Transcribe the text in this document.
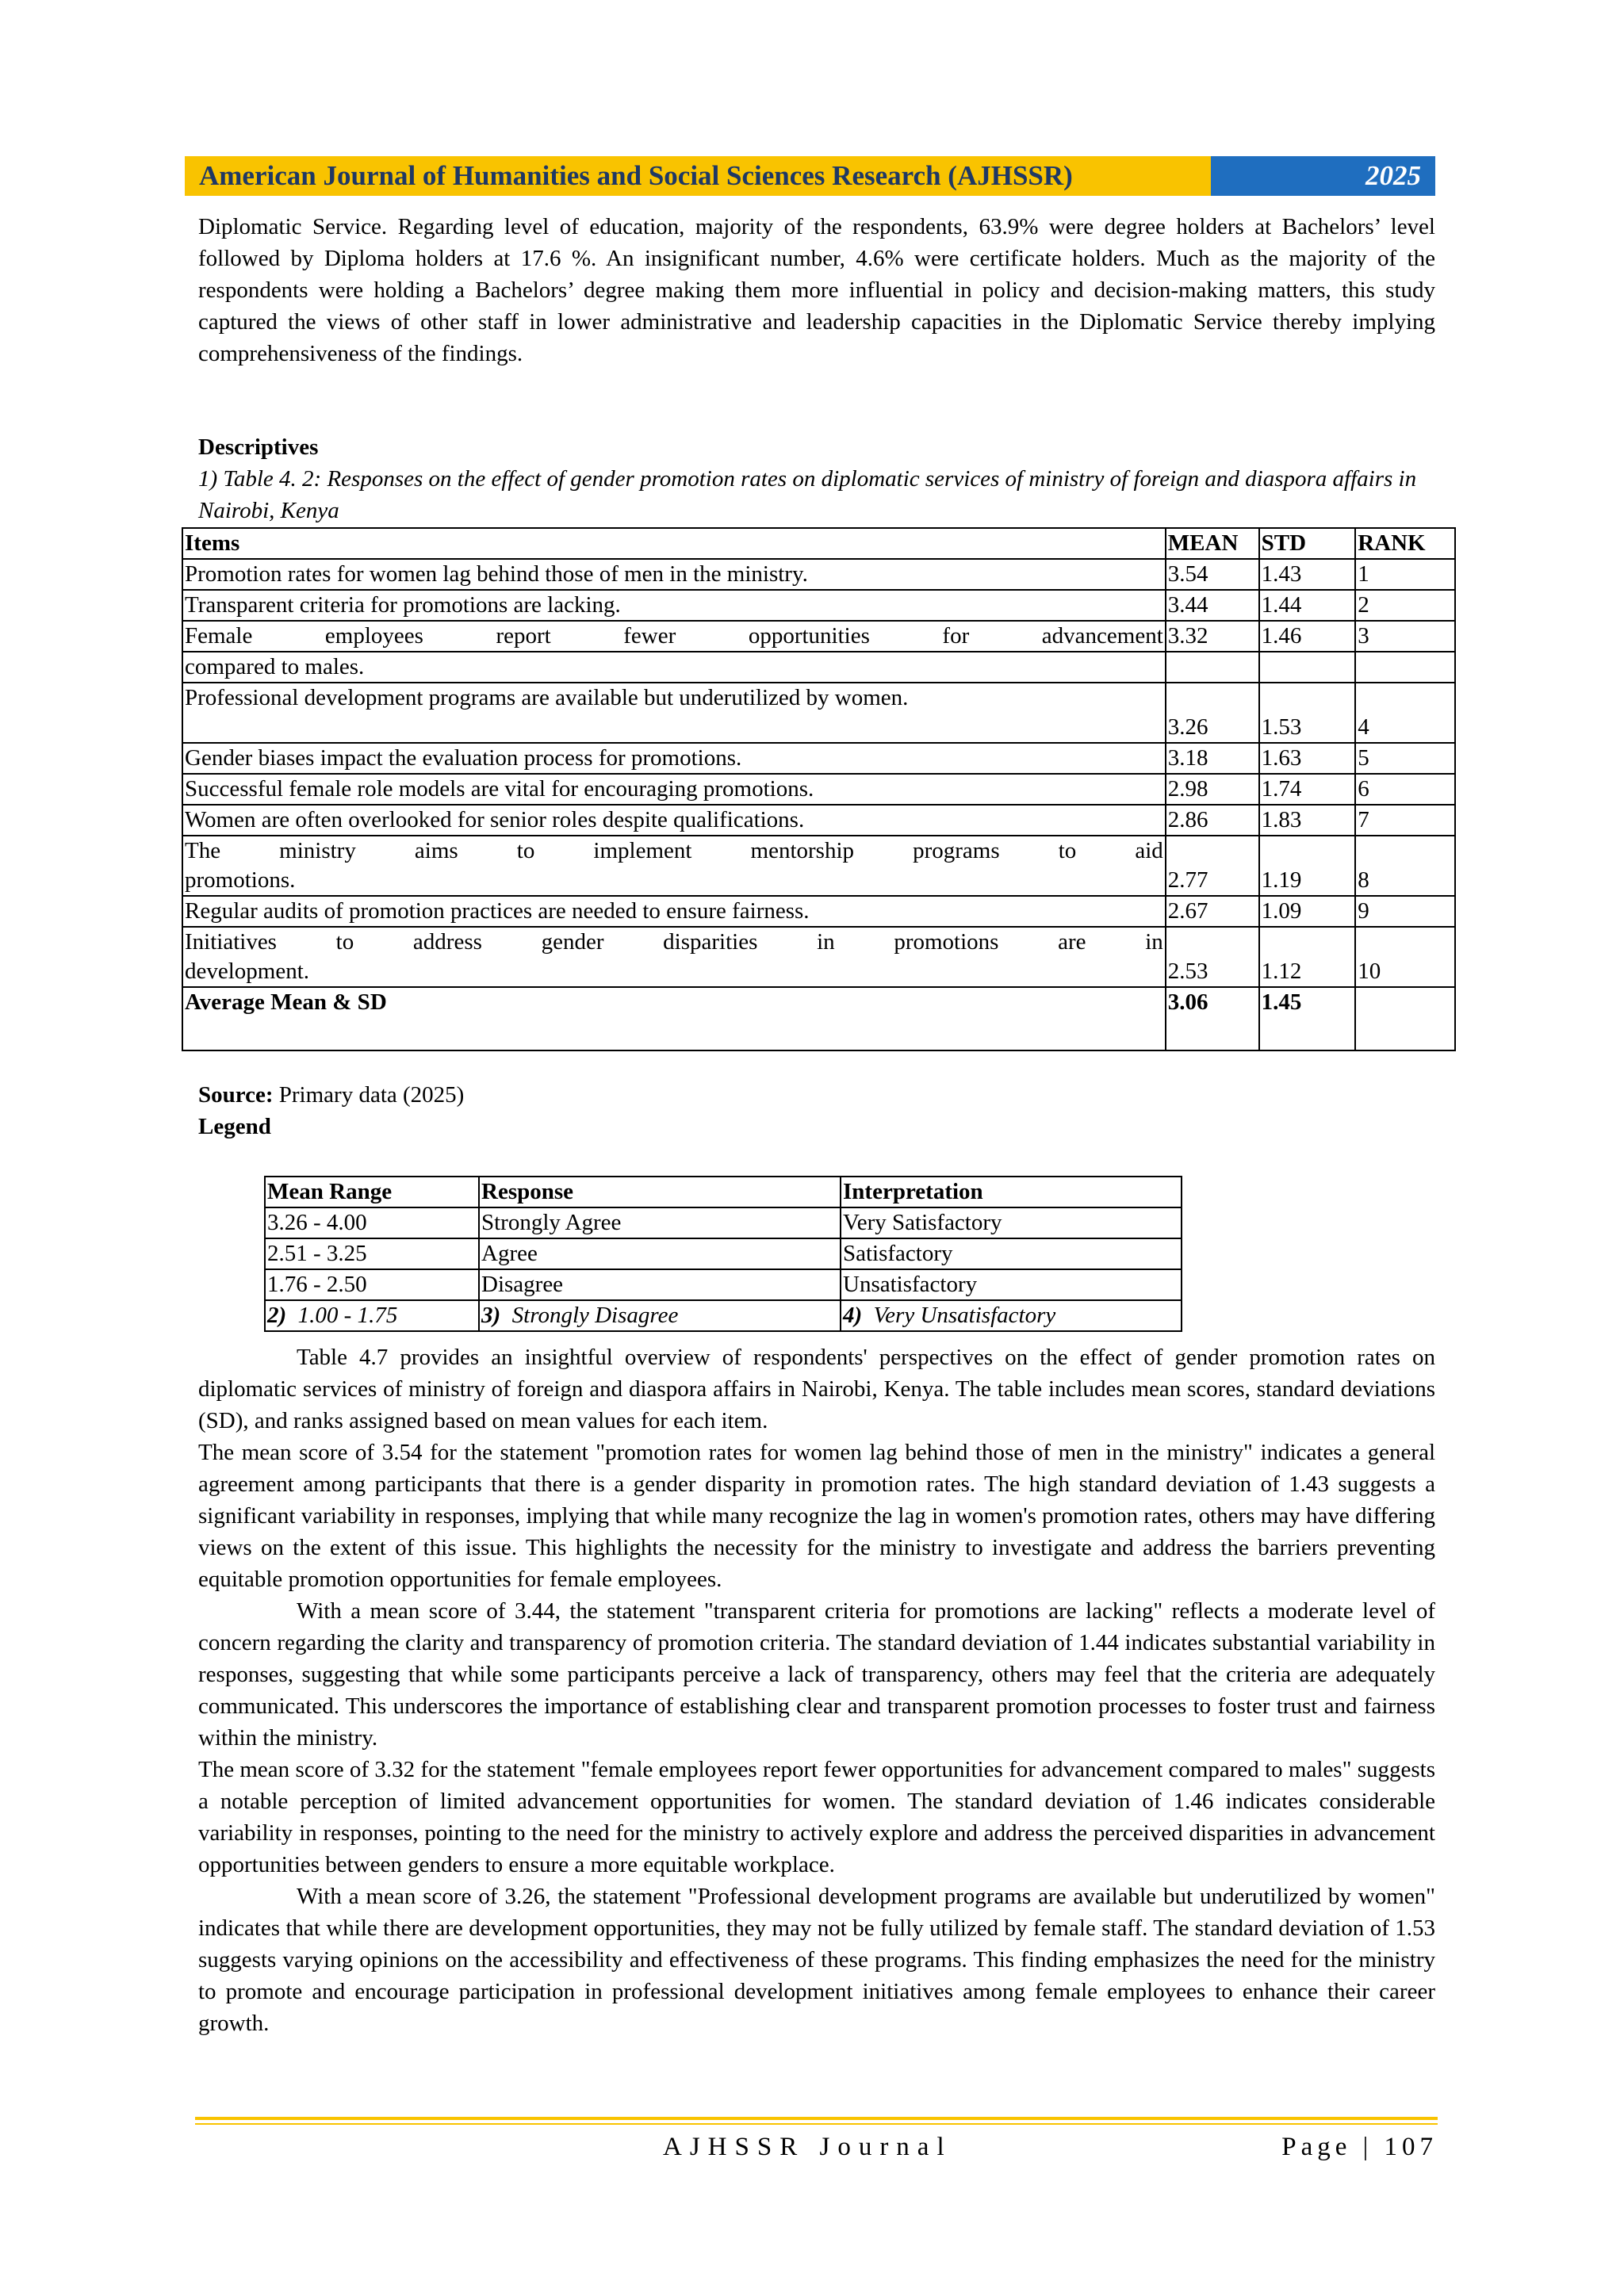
American Journal of Humanities and Social Sciences Research (AJHSSR)	2025

Diplomatic Service. Regarding level of education, majority of the respondents, 63.9% were degree holders at Bachelors’ level followed by Diploma holders at 17.6 %. An insignificant number, 4.6% were certificate holders. Much as the majority of the respondents were holding a Bachelors’ degree making them more influential in policy and decision-making matters, this study captured the views of other staff in lower administrative and leadership capacities in the Diplomatic Service thereby implying comprehensiveness of the findings.

Descriptives
1) Table 4. 2: Responses on the effect of gender promotion rates on diplomatic services of ministry of foreign and diaspora affairs in Nairobi, Kenya
Items	MEAN	STD	RANK
Promotion rates for women lag behind those of men in the ministry.	3.54	1.43	1
Transparent criteria for promotions are lacking.	3.44	1.44	2

Female employees report fewer opportunities for advancement	3.32	1.46	3
compared to males.			
Professional development programs are available but underutilized by women.	3.26	1.53	4
Gender biases impact the evaluation process for promotions.	3.18	1.63	5
Successful female role models are vital for encouraging promotions.	2.98	1.74	6
Women are often overlooked for senior roles despite qualifications.	2.86	1.83	7

The ministry aims to implement mentorship programs to aid
promotions.	2.77	1.19	8
Regular audits of promotion practices are needed to ensure fairness.	2.67	1.09	9

Initiatives to address gender disparities in promotions are in
development.	2.53	1.12	10
Average Mean & SD	3.06	1.45	
Source: Primary data (2025)
Legend
Mean Range	Response	Interpretation
3.26 - 4.00	Strongly Agree	Very Satisfactory
2.51 - 3.25	Agree	Satisfactory
1.76 - 2.50	Disagree	Unsatisfactory
2) 1.00 - 1.75	3) Strongly Disagree	4) Very Unsatisfactory

Table 4.7 provides an insightful overview of respondents' perspectives on the effect of gender promotion rates on diplomatic services of ministry of foreign and diaspora affairs in Nairobi, Kenya. The table includes mean scores, standard deviations (SD), and ranks assigned based on mean values for each item.

The mean score of 3.54 for the statement "promotion rates for women lag behind those of men in the ministry" indicates a general agreement among participants that there is a gender disparity in promotion rates. The high standard deviation of 1.43 suggests a significant variability in responses, implying that while many recognize the lag in women's promotion rates, others may have differing views on the extent of this issue. This highlights the necessity for the ministry to investigate and address the barriers preventing equitable promotion opportunities for female employees.

With a mean score of 3.44, the statement "transparent criteria for promotions are lacking" reflects a moderate level of concern regarding the clarity and transparency of promotion criteria. The standard deviation of 1.44 indicates substantial variability in responses, suggesting that while some participants perceive a lack of transparency, others may feel that the criteria are adequately communicated. This underscores the importance of establishing clear and transparent promotion processes to foster trust and fairness within the ministry.

The mean score of 3.32 for the statement "female employees report fewer opportunities for advancement compared to males" suggests a notable perception of limited advancement opportunities for women. The standard deviation of 1.46 indicates considerable variability in responses, pointing to the need for the ministry to actively explore and address the perceived disparities in advancement opportunities between genders to ensure a more equitable workplace.

With a mean score of 3.26, the statement "Professional development programs are available but underutilized by women" indicates that while there are development opportunities, they may not be fully utilized by female staff. The standard deviation of 1.53 suggests varying opinions on the accessibility and effectiveness of these programs. This finding emphasizes the need for the ministry to promote and encourage participation in professional development initiatives among female employees to enhance their career growth.

AJHSSR Journal	Page | 107
